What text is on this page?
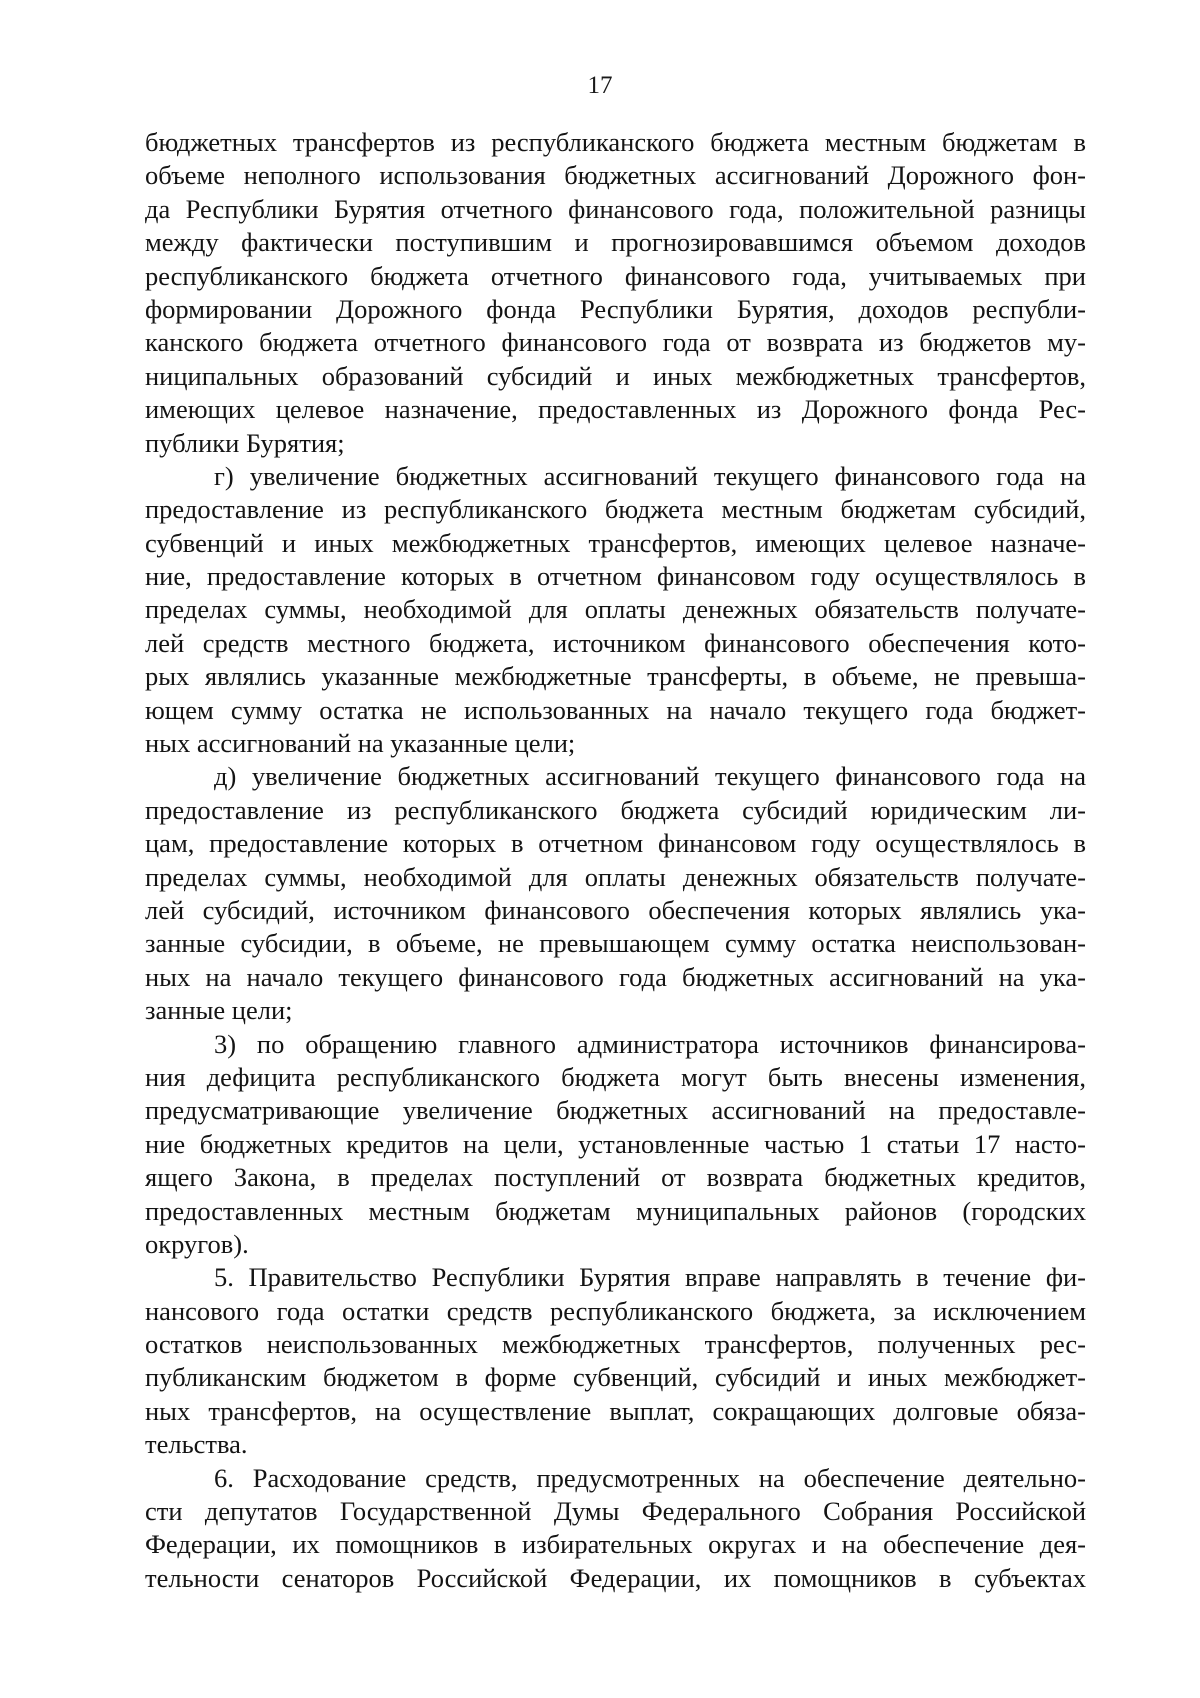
17
бюджетных трансфертов из республиканского бюджета местным бюджетам в
объеме неполного использования бюджетных ассигнований Дорожного фон-
да Республики Бурятия отчетного финансового года, положительной разницы
между фактически поступившим и прогнозировавшимся объемом доходов
республиканского бюджета отчетного финансового года, учитываемых при
формировании Дорожного фонда Республики Бурятия, доходов республи-
канского бюджета отчетного финансового года от возврата из бюджетов му-
ниципальных образований субсидий и иных межбюджетных трансфертов,
имеющих целевое назначение, предоставленных из Дорожного фонда Рес-
публики Бурятия;
г) увеличение бюджетных ассигнований текущего финансового года на
предоставление из республиканского бюджета местным бюджетам субсидий,
субвенций и иных межбюджетных трансфертов, имеющих целевое назначе-
ние, предоставление которых в отчетном финансовом году осуществлялось в
пределах суммы, необходимой для оплаты денежных обязательств получате-
лей средств местного бюджета, источником финансового обеспечения кото-
рых являлись указанные межбюджетные трансферты, в объеме, не превыша-
ющем сумму остатка не использованных на начало текущего года бюджет-
ных ассигнований на указанные цели;
д) увеличение бюджетных ассигнований текущего финансового года на
предоставление из республиканского бюджета субсидий юридическим ли-
цам, предоставление которых в отчетном финансовом году осуществлялось в
пределах суммы, необходимой для оплаты денежных обязательств получате-
лей субсидий, источником финансового обеспечения которых являлись ука-
занные субсидии, в объеме, не превышающем сумму остатка неиспользован-
ных на начало текущего финансового года бюджетных ассигнований на ука-
занные цели;
3) по обращению главного администратора источников финансирова-
ния дефицита республиканского бюджета могут быть внесены изменения,
предусматривающие увеличение бюджетных ассигнований на предоставле-
ние бюджетных кредитов на цели, установленные частью 1 статьи 17 насто-
ящего Закона, в пределах поступлений от возврата бюджетных кредитов,
предоставленных местным бюджетам муниципальных районов (городских
округов).
5. Правительство Республики Бурятия вправе направлять в течение фи-
нансового года остатки средств республиканского бюджета, за исключением
остатков неиспользованных межбюджетных трансфертов, полученных рес-
публиканским бюджетом в форме субвенций, субсидий и иных межбюджет-
ных трансфертов, на осуществление выплат, сокращающих долговые обяза-
тельства.
6. Расходование средств, предусмотренных на обеспечение деятельно-
сти депутатов Государственной Думы Федерального Собрания Российской
Федерации, их помощников в избирательных округах и на обеспечение дея-
тельности сенаторов Российской Федерации, их помощников в субъектах
